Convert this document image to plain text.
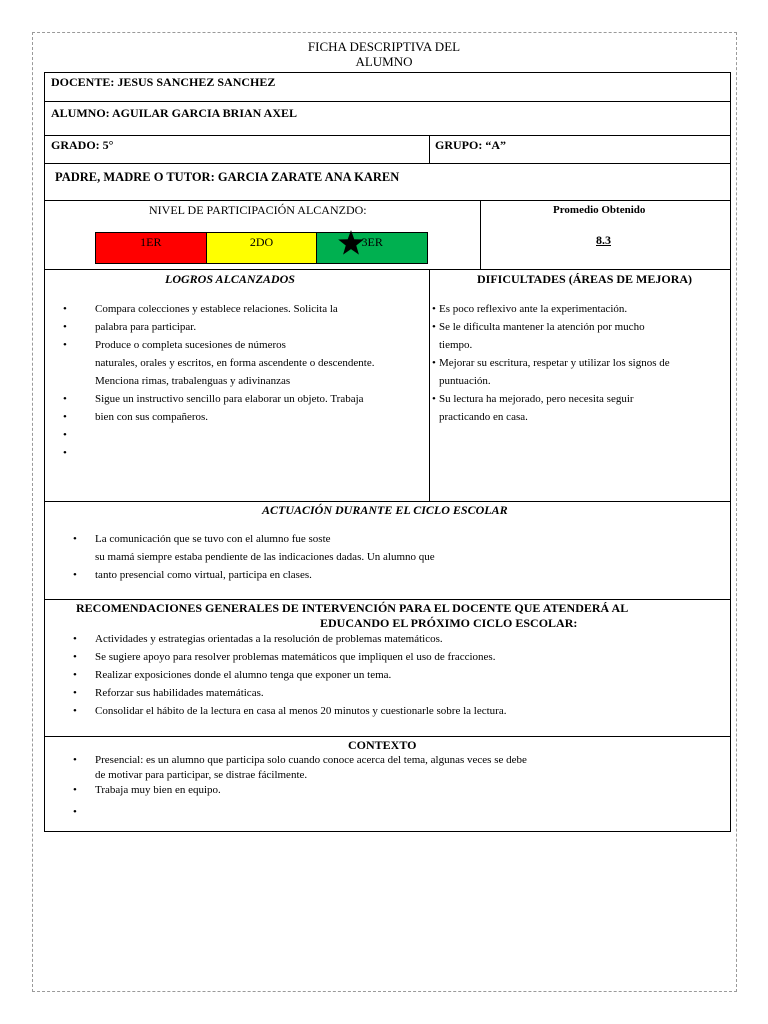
FICHA DESCRIPTIVA DEL
ALUMNO
DOCENTE: JESUS SANCHEZ SANCHEZ
ALUMNO: AGUILAR GARCIA BRIAN AXEL
GRADO: 5°	GRUPO: “A”
PADRE, MADRE O TUTOR: GARCIA ZARATE ANA KAREN
NIVEL DE PARTICIPACIÓN ALCANZDO:
1ER	2DO	3ER
Promedio Obtenido
8.3
LOGROS ALCANZADOS
•	Compara colecciones y establece relaciones. Solicita la
•	palabra para participar.
•	Produce o completa sucesiones de números
naturales, orales y escritos, en forma ascendente o descendente.
Menciona rimas, trabalenguas y adivinanzas
•	Sigue un instructivo sencillo para elaborar un objeto. Trabaja
•	bien con sus compañeros.
•
•
DIFICULTADES (ÁREAS DE MEJORA)
• Es poco reflexivo ante la experimentación.
• Se le dificulta mantener la atención por mucho
tiempo.
• Mejorar su escritura, respetar y utilizar los signos de
puntuación.
• Su lectura ha mejorado, pero necesita seguir
practicando en casa.
ACTUACIÓN DURANTE EL CICLO ESCOLAR
• La comunicación que se tuvo con el alumno fue soste
su mamá siempre estaba pendiente de las indicaciones dadas. Un alumno que
• tanto presencial como virtual, participa en clases.
RECOMENDACIONES GENERALES DE INTERVENCIÓN PARA EL DOCENTE QUE ATENDERÁ AL
EDUCANDO EL PRÓXIMO CICLO ESCOLAR:
• Actividades y estrategias orientadas a la resolución de problemas matemáticos.
• Se sugiere apoyo para resolver problemas matemáticos que impliquen el uso de fracciones.
• Realizar exposiciones donde el alumno tenga que exponer un tema.
• Reforzar sus habilidades matemáticas.
• Consolidar el hábito de la lectura en casa al menos 20 minutos y cuestionarle sobre la lectura.
CONTEXTO
• Presencial: es un alumno que participa solo cuando conoce acerca del tema, algunas veces se debe
de motivar para participar, se distrae fácilmente.
• Trabaja muy bien en equipo.
•
